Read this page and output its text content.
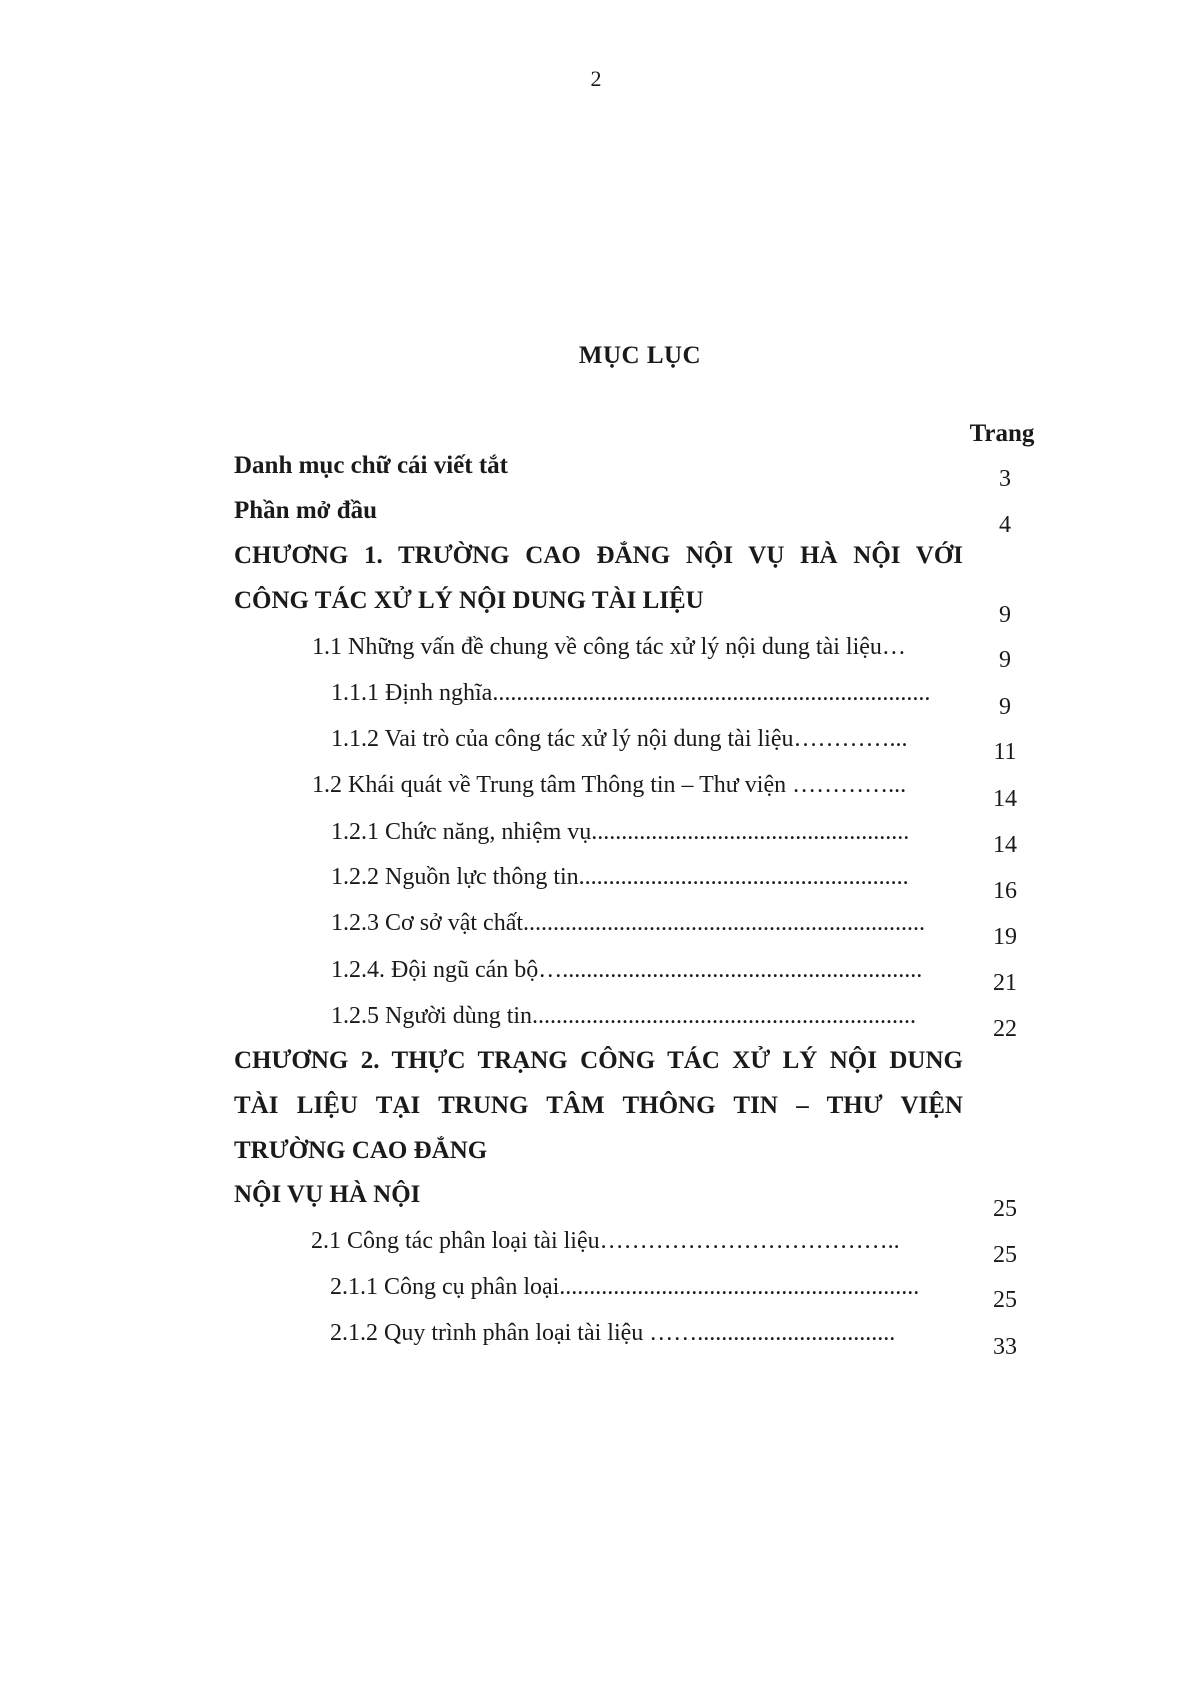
2
MỤC LỤC
Trang
Danh mục chữ cái viết tắt
Phần mở đầu
CHƯƠNG 1. TRƯỜNG CAO ĐẲNG NỘI VỤ HÀ NỘI VỚI
CÔNG TÁC XỬ LÝ NỘI DUNG TÀI LIỆU
1.1 Những vấn đề chung về công tác xử lý nội dung tài liệu…
1.1.1 Định nghĩa.........................................................................
1.1.2 Vai trò của công tác xử lý nội dung tài liệu…………...
1.2 Khái quát về Trung tâm Thông tin – Thư viện …………...
1.2.1 Chức năng, nhiệm vụ.....................................................
1.2.2 Nguồn lực thông tin.......................................................
1.2.3 Cơ sở vật chất...................................................................
1.2.4. Đội ngũ cán bộ…............................................................
1.2.5 Người dùng tin................................................................
CHƯƠNG 2. THỰC TRẠNG CÔNG TÁC XỬ LÝ NỘI DUNG
TÀI LIỆU TẠI TRUNG TÂM THÔNG TIN – THƯ VIỆN
TRƯỜNG CAO ĐẲNG
NỘI VỤ HÀ NỘI
2.1 Công tác phân loại tài liệu………………………………..
2.1.1 Công cụ phân loại............................................................
2.1.2 Quy trình phân loại tài liệu …….................................
3
4
9
9
9
11
14
14
16
19
21
22
25
25
25
33
